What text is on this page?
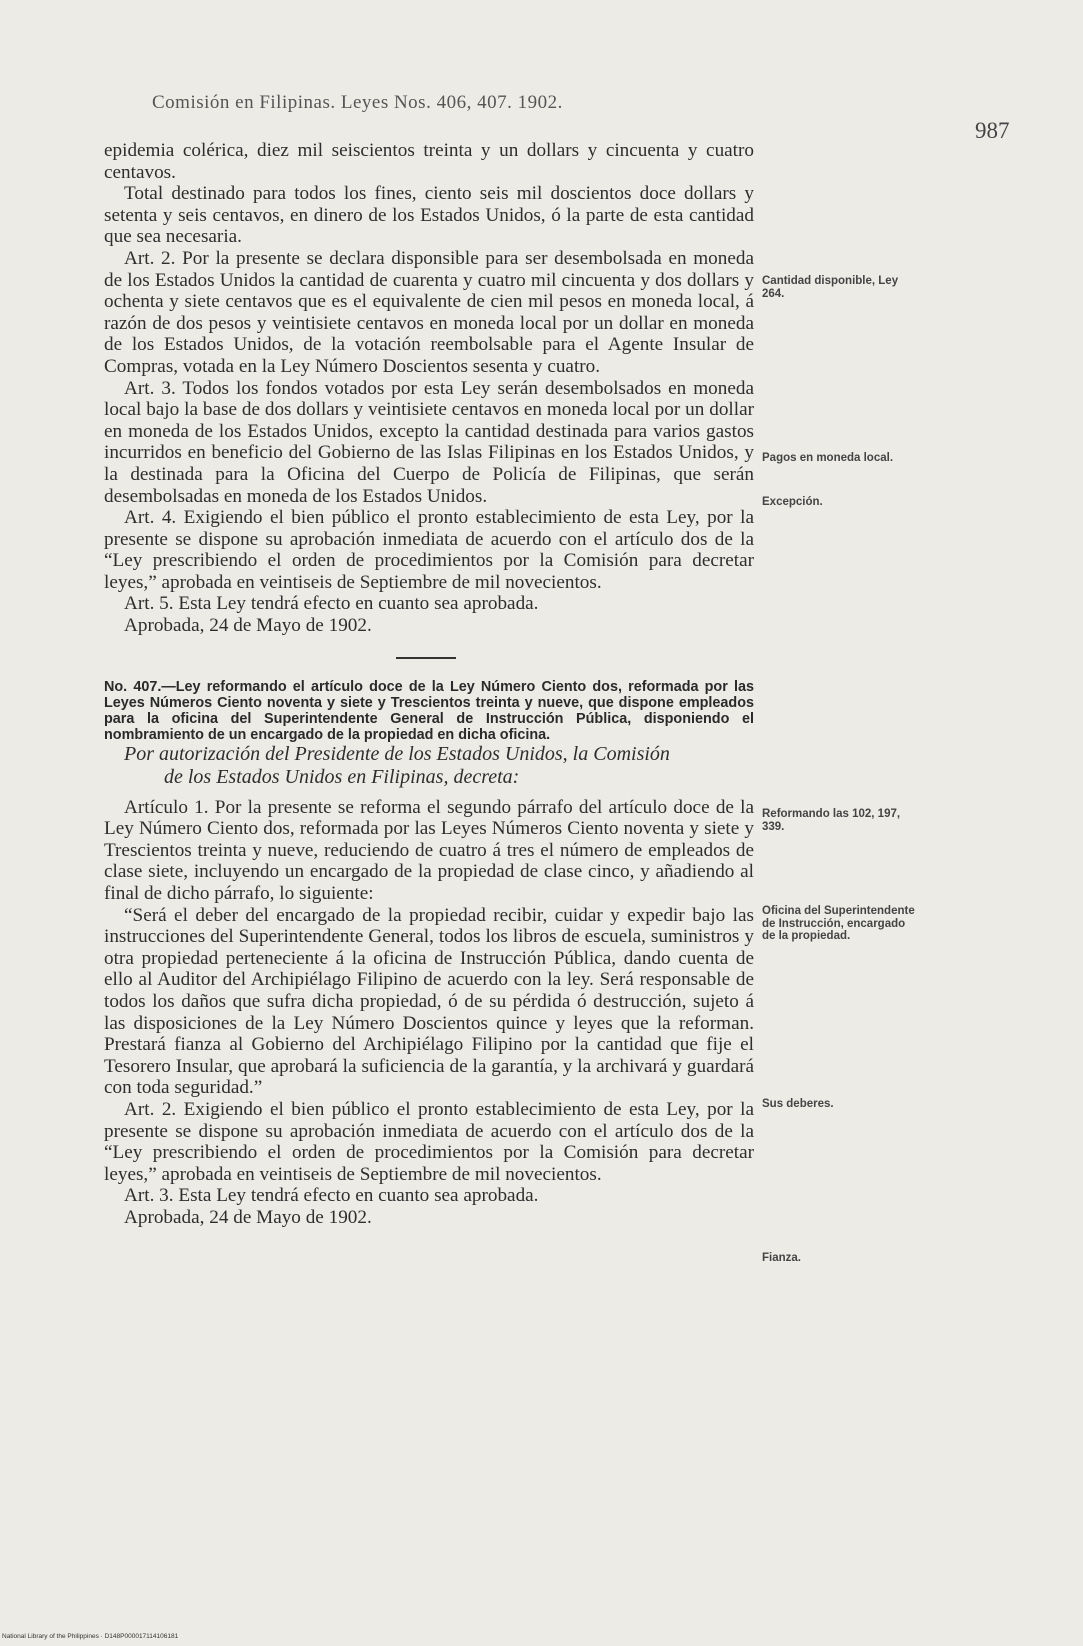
Comisión en Filipinas. Leyes Nos. 406, 407. 1902.
987

epidemia colérica, diez mil seiscientos treinta y un dollars y cincuenta y cuatro centavos.

Total destinado para todos los fines, ciento seis mil doscientos doce dollars y setenta y seis centavos, en dinero de los Estados Unidos, ó la parte de esta cantidad que sea necesaria.

Art. 2. Por la presente se declara disponsible para ser desembolsada en moneda de los Estados Unidos la cantidad de cuarenta y cuatro mil cincuenta y dos dollars y ochenta y siete centavos que es el equivalente de cien mil pesos en moneda local, á razón de dos pesos y veintisiete centavos en moneda local por un dollar en moneda de los Estados Unidos, de la votación reembolsable para el Agente Insular de Compras, votada en la Ley Número Doscientos sesenta y cuatro.

Art. 3. Todos los fondos votados por esta Ley serán desembolsados en moneda local bajo la base de dos dollars y veintisiete centavos en moneda local por un dollar en moneda de los Estados Unidos, excepto la cantidad destinada para varios gastos incurridos en beneficio del Gobierno de las Islas Filipinas en los Estados Unidos, y la destinada para la Oficina del Cuerpo de Policía de Filipinas, que serán desembolsadas en moneda de los Estados Unidos.

Art. 4. Exigiendo el bien público el pronto establecimiento de esta Ley, por la presente se dispone su aprobación inmediata de acuerdo con el artículo dos de la “Ley prescribiendo el orden de procedimientos por la Comisión para decretar leyes,” aprobada en veintiseis de Septiembre de mil novecientos.

Art. 5. Esta Ley tendrá efecto en cuanto sea aprobada.

Aprobada, 24 de Mayo de 1902.

No. 407.—Ley reformando el artículo doce de la Ley Número Ciento dos, reformada por las Leyes Números Ciento noventa y siete y Trescientos treinta y nueve, que dispone empleados para la oficina del Superintendente General de Instrucción Pública, disponiendo el nombramiento de un encargado de la propiedad en dicha oficina.

Por autorización del Presidente de los Estados Unidos, la Comisión
de los Estados Unidos en Filipinas, decreta:

Artículo 1. Por la presente se reforma el segundo párrafo del artículo doce de la Ley Número Ciento dos, reformada por las Leyes Números Ciento noventa y siete y Trescientos treinta y nueve, reduciendo de cuatro á tres el número de empleados de clase siete, incluyendo un encargado de la propiedad de clase cinco, y añadiendo al final de dicho párrafo, lo siguiente:

“Será el deber del encargado de la propiedad recibir, cuidar y expedir bajo las instrucciones del Superintendente General, todos los libros de escuela, suministros y otra propiedad perteneciente á la oficina de Instrucción Pública, dando cuenta de ello al Auditor del Archipiélago Filipino de acuerdo con la ley. Será responsable de todos los daños que sufra dicha propiedad, ó de su pérdida ó destrucción, sujeto á las disposiciones de la Ley Número Doscientos quince y leyes que la reforman. Prestará fianza al Gobierno del Archipiélago Filipino por la cantidad que fije el Tesorero Insular, que aprobará la suficiencia de la garantía, y la archivará y guardará con toda seguridad.”

Art. 2. Exigiendo el bien público el pronto establecimiento de esta Ley, por la presente se dispone su aprobación inmediata de acuerdo con el artículo dos de la “Ley prescribiendo el orden de procedimientos por la Comisión para decretar leyes,” aprobada en veintiseis de Septiembre de mil novecientos.

Art. 3. Esta Ley tendrá efecto en cuanto sea aprobada.

Aprobada, 24 de Mayo de 1902.

Cantidad disponible, Ley 264.
Pagos en moneda local.
Excepción.
Reformando las 102, 197, 339.
Oficina del Superintendente de Instrucción, encargado de la propiedad.
Sus deberes.
Fianza.
National Library of the Philippines · D148P000017114106181
